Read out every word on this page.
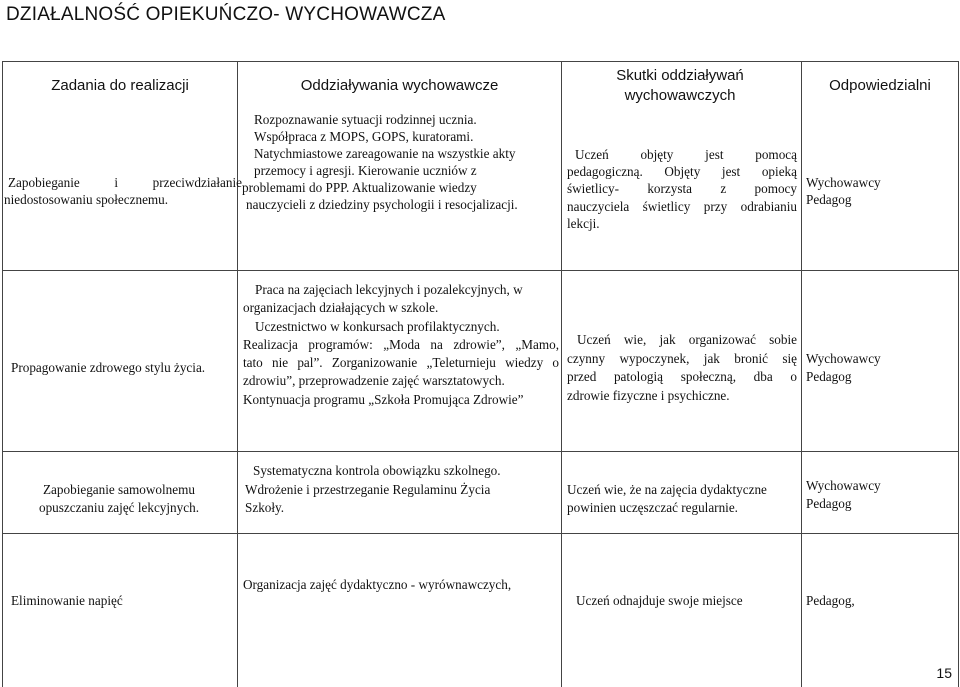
DZIAŁALNOŚĆ OPIEKUŃCZO- WYCHOWAWCZA
Zadania do realizacji	Oddziaływania wychowawcze
Skutki oddziaływań wychowawczych
Odpowiedzialni
Zapobieganie i przeciwdziałanie
niedostosowaniu społecznemu.
Rozpoznawanie sytuacji rodzinnej ucznia.
Współpraca z MOPS, GOPS, kuratorami.
Natychmiastowe zareagowanie na wszystkie akty
przemocy i agresji. Kierowanie uczniów z
problemami do PPP. Aktualizowanie wiedzy
nauczycieli z dziedziny psychologii i resocjalizacji.
Uczeń objęty jest pomocą
pedagogiczną. Objęty jest opieką
świetlicy- korzysta z pomocy
nauczyciela świetlicy przy odrabianiu
lekcji.
Wychowawcy
Pedagog
Propagowanie zdrowego stylu życia.
Praca na zajęciach lekcyjnych i pozalekcyjnych, w
organizacjach działających w szkole.
Uczestnictwo w konkursach profilaktycznych.
Realizacja programów: „Moda na zdrowie”, „Mamo,
tato nie pal”. Zorganizowanie „Teleturnieju wiedzy o
zdrowiu”, przeprowadzenie zajęć warsztatowych.
Kontynuacja programu „Szkoła Promująca Zdrowie”
Uczeń wie, jak organizować sobie
czynny wypoczynek, jak bronić się
przed patologią społeczną, dba o
zdrowie fizyczne i psychiczne.
Wychowawcy
Pedagog
Zapobieganie samowolnemu
opuszczaniu zajęć lekcyjnych.
Systematyczna kontrola obowiązku szkolnego.
Wdrożenie i przestrzeganie Regulaminu Życia
Szkoły.
Uczeń wie, że na zajęcia dydaktyczne
powinien uczęszczać regularnie.
Wychowawcy
Pedagog
Eliminowanie napięć
Organizacja zajęć dydaktyczno - wyrównawczych,
Uczeń odnajduje swoje miejsce	Pedagog,
15
